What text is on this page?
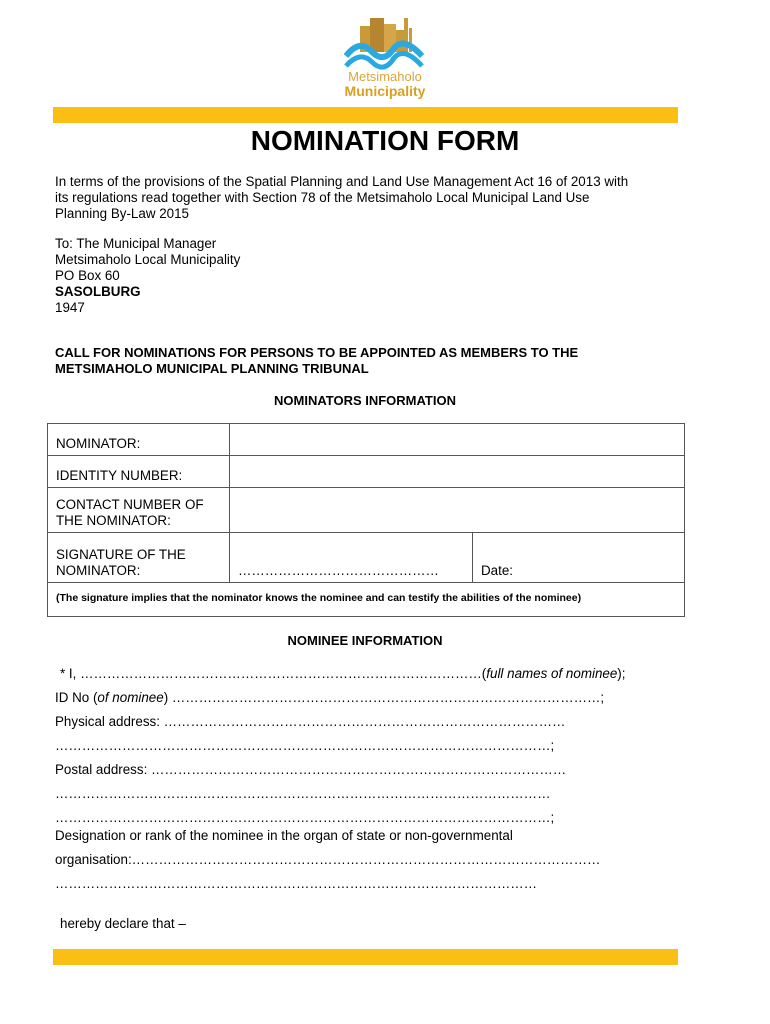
Metsimaholo
Municipality
NOMINATION FORM
In terms of the provisions of the Spatial Planning and Land Use Management Act 16 of 2013 with
its regulations read together with Section 78 of the Metsimaholo Local Municipal Land Use
Planning By-Law 2015
To: The Municipal Manager
Metsimaholo Local Municipality
PO Box 60
SASOLBURG
1947
CALL FOR NOMINATIONS FOR PERSONS TO BE APPOINTED AS MEMBERS TO THE
METSIMAHOLO MUNICIPAL PLANNING TRIBUNAL
NOMINATORS INFORMATION
NOMINATOR:		
IDENTITY NUMBER:		

CONTACT NUMBER OF
THE NOMINATOR:		

SIGNATURE OF THE
NOMINATOR:	………………………………………	Date:
(The signature implies that the nominator knows the nominee and can testify the abilities of the nominee)		
NOMINEE INFORMATION
* I, ………………………………………………………………………………(full names of nominee);
ID No (of nominee) ……………………………………………………………………………………;
Physical address: ………………………………………………………………………………
…………………………………………………………………………………………………;
Postal address: …………………………………………………………………………………
…………………………………………………………………………………………………
…………………………………………………………………………………………………;
Designation or rank of the nominee in the organ of state or non-governmental
organisation:……………………………………………………………………………………………
………………………………………………………………………………………………
hereby declare that –
